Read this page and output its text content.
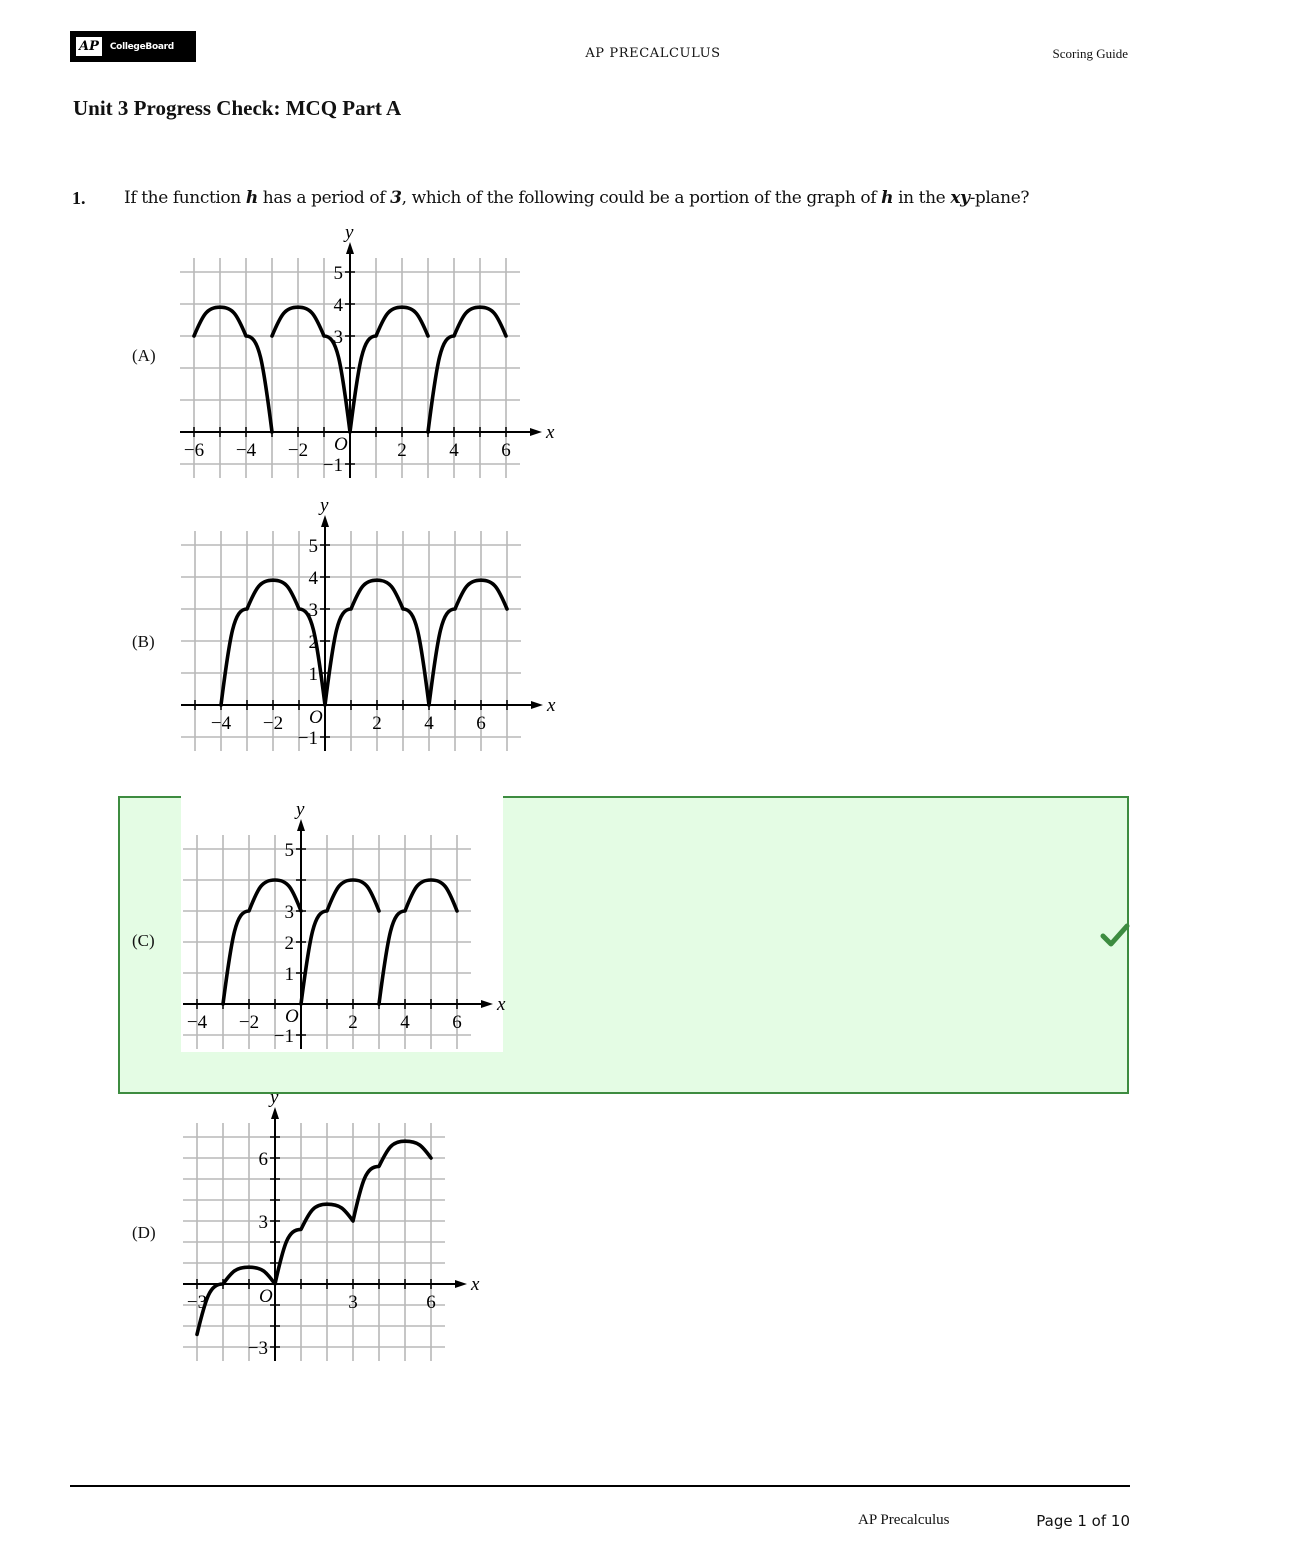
AP	CollegeBoard	AP PRECALCULUS	Scoring Guide
Unit 3 Progress Check: MCQ Part A
1. If the function h has a period of 3, which of the following could be a portion of the graph of h in the xy-plane?
(A)
(B)
(C)
(D)
x
y
O
−6 −4 −2	2 4 6
−1
3
4
5
x
y
O
−4 −2	2 4 6
−1
1
2
3
4
5
x
y
O
−4 −2	2 4 6
−1
1
2
3
5
x
y
O
−3	3	6
−3
3
6
AP Precalculus	Page 1 of 10
